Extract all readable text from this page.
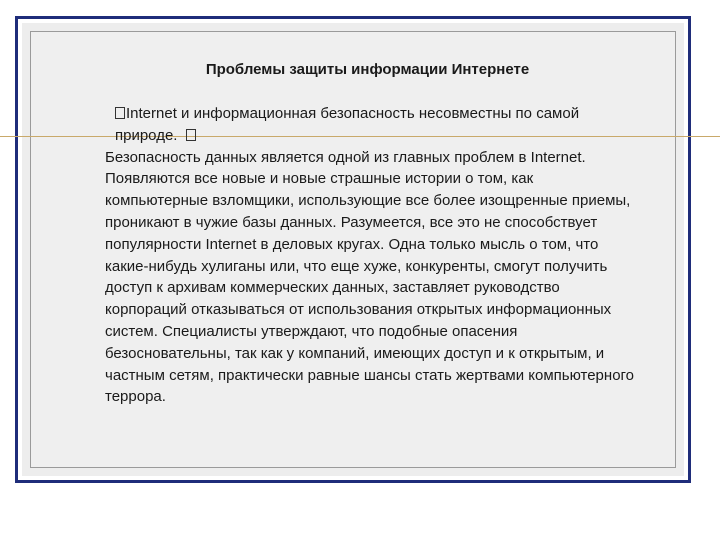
Проблемы защиты информации Интернете

Internet и информационная безопасность несовместны по самой природе.

Безопасность данных является одной из главных проблем в Internet. Появляются все новые и новые страшные истории о том, как компьютерные взломщики, использующие все более изощренные приемы, проникают в чужие базы данных. Разумеется, все это не способствует популярности Internet в деловых кругах. Одна только мысль о том, что какие-нибудь хулиганы или, что еще хуже, конкуренты, смогут получить доступ к архивам коммерческих данных, заставляет руководство корпораций отказываться от использования открытых информационных систем. Специалисты утверждают, что подобные опасения безосновательны, так как у компаний, имеющих доступ и к открытым, и частным сетям, практически равные шансы стать жертвами компьютерного террора.
